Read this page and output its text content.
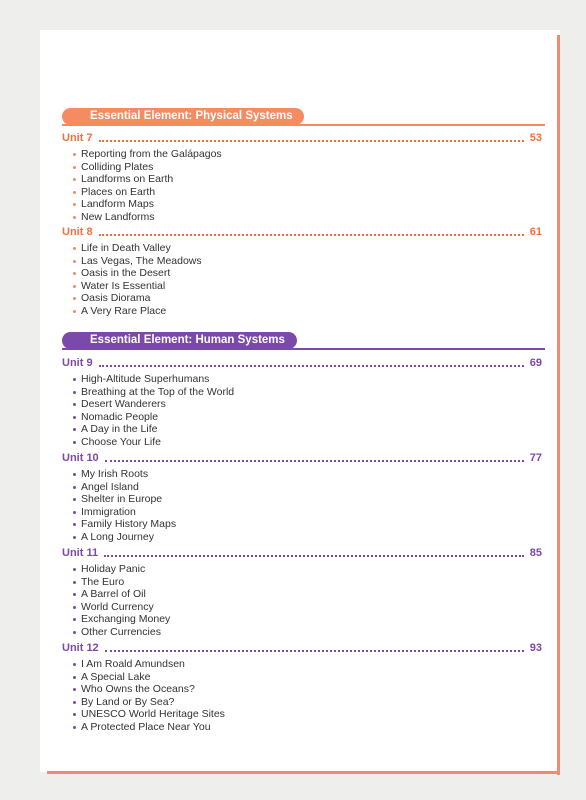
Essential Element: Physical Systems
Unit 7	53
Reporting from the Galápagos
Colliding Plates
Landforms on Earth
Places on Earth
Landform Maps
New Landforms
Unit 8	61
Life in Death Valley
Las Vegas, The Meadows
Oasis in the Desert
Water Is Essential
Oasis Diorama
A Very Rare Place
Essential Element: Human Systems
Unit 9	69
High-Altitude Superhumans
Breathing at the Top of the World
Desert Wanderers
Nomadic People
A Day in the Life
Choose Your Life
Unit 10	77
My Irish Roots
Angel Island
Shelter in Europe
Immigration
Family History Maps
A Long Journey
Unit 11	85
Holiday Panic
The Euro
A Barrel of Oil
World Currency
Exchanging Money
Other Currencies
Unit 12	93
I Am Roald Amundsen
A Special Lake
Who Owns the Oceans?
By Land or By Sea?
UNESCO World Heritage Sites
A Protected Place Near You
